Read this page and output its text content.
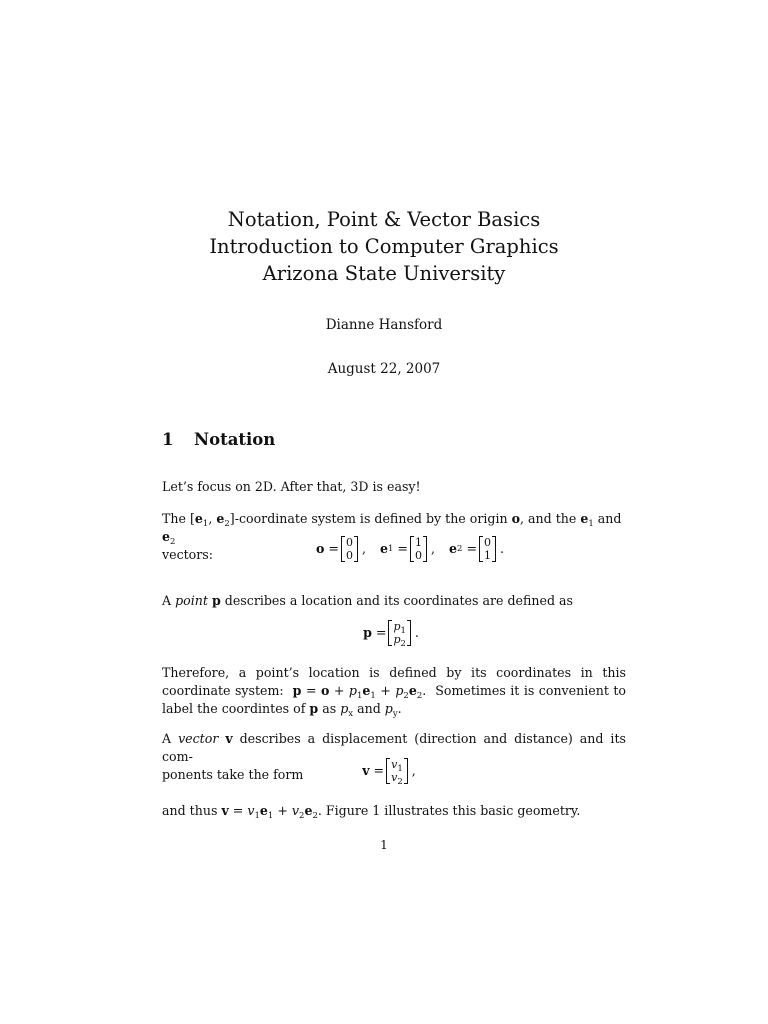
Notation, Point & Vector Basics
Introduction to Computer Graphics
Arizona State University
Dianne Hansford
August 22, 2007
1 Notation
Let’s focus on 2D. After that, 3D is easy!
The [$e_1$, $e_2$]-coordinate system is defined by the origin o, and the $e_1$ and $e_2$
vectors:	o = 0
0 ,
e 1 = 1
0 ,
e 2 = 0
1 .
A point p describes a location and its coordinates are defined as
$p = p_1$
$p_2$
.
Therefore, a point’s location is defined by its coordinates in this coordinate system: $p = o + p_1e_1 + p_2e_2$.  Sometimes it is convenient to label the coordintes of p as $p_x$ and $p_y$.
A vector v describes a displacement (direction and distance) and its com-
ponents take the form	$v = v_1$
$v_2$
,
and thus $v = v_1e_1 + v_2e_2$. Figure 1 illustrates this basic geometry.
1
